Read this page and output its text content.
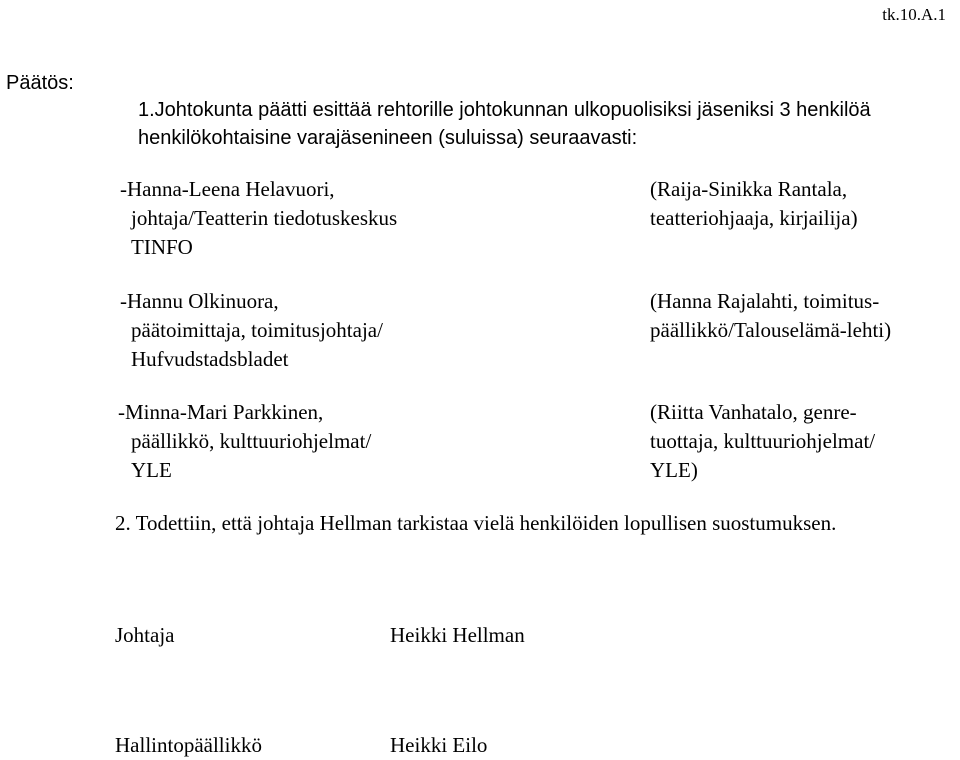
tk.10.A.1
Päätös:
1.Johtokunta päätti esittää rehtorille johtokunnan ulkopuolisiksi jäseniksi 3 henkilöä
henkilökohtaisine varajäsenineen (suluissa) seuraavasti:
-Hanna-Leena Helavuori,
johtaja/Teatterin tiedotuskeskus
TINFO
(Raija-Sinikka Rantala,
teatteriohjaaja, kirjailija)
-Hannu Olkinuora,
päätoimittaja, toimitusjohtaja/
Hufvudstadsbladet
(Hanna Rajalahti, toimitus-
päällikkö/Talouselämä-lehti)
-Minna-Mari Parkkinen,
päällikkö, kulttuuriohjelmat/
YLE
(Riitta Vanhatalo, genre-
tuottaja, kulttuuriohjelmat/
YLE)
2. Todettiin, että johtaja Hellman tarkistaa vielä henkilöiden lopullisen suostumuksen.
Johtaja	Heikki Hellman
Hallintopäällikkö	Heikki Eilo
